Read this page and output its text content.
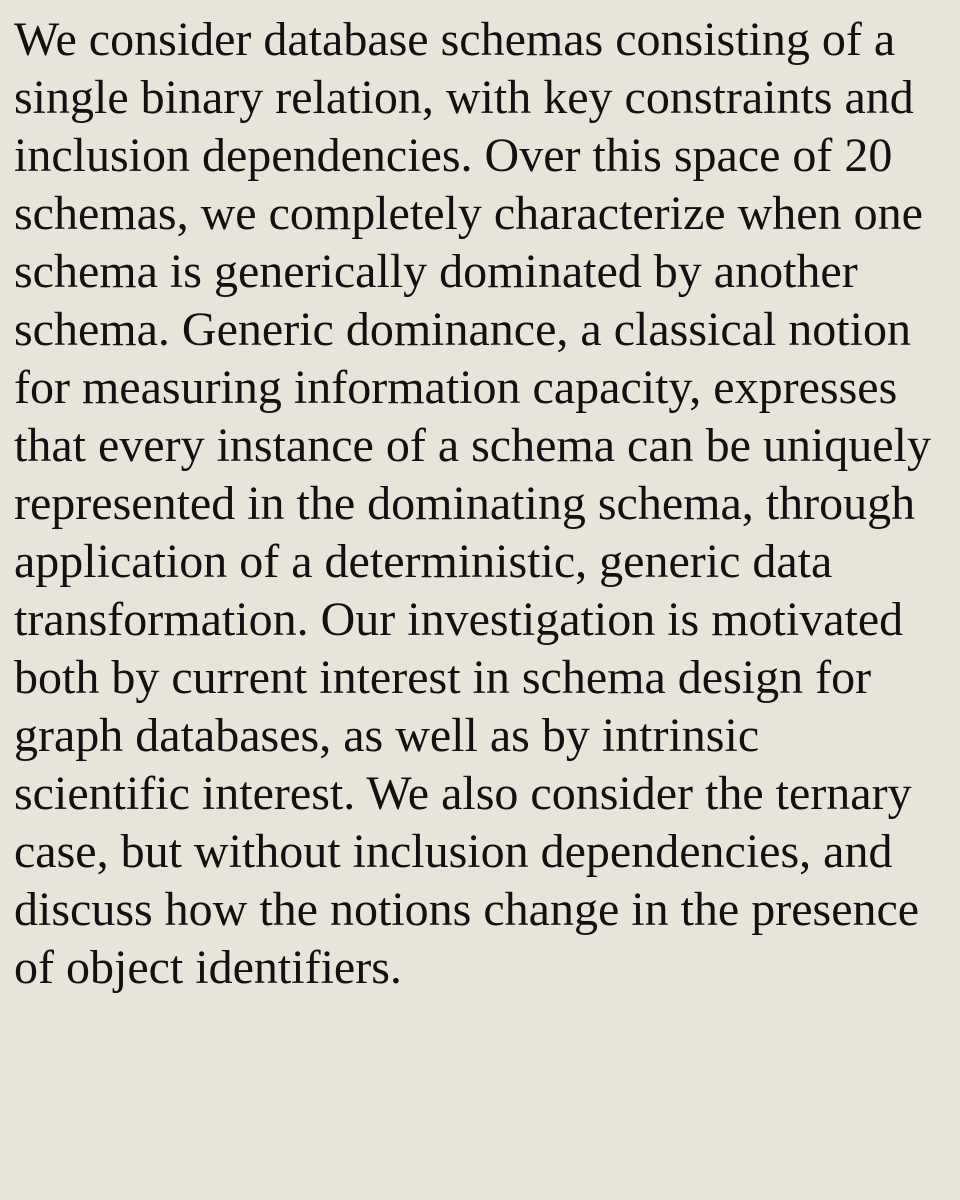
We consider database schemas consisting of a
single binary relation, with key constraints and
inclusion dependencies. Over this space of 20
schemas, we completely characterize when one
schema is generically dominated by another
schema. Generic dominance, a classical notion
for measuring information capacity, expresses
that every instance of a schema can be uniquely
represented in the dominating schema, through
application of a deterministic, generic data
transformation. Our investigation is motivated
both by current interest in schema design for
graph databases, as well as by intrinsic
scientific interest. We also consider the ternary
case, but without inclusion dependencies, and
discuss how the notions change in the presence
of object identifiers.
